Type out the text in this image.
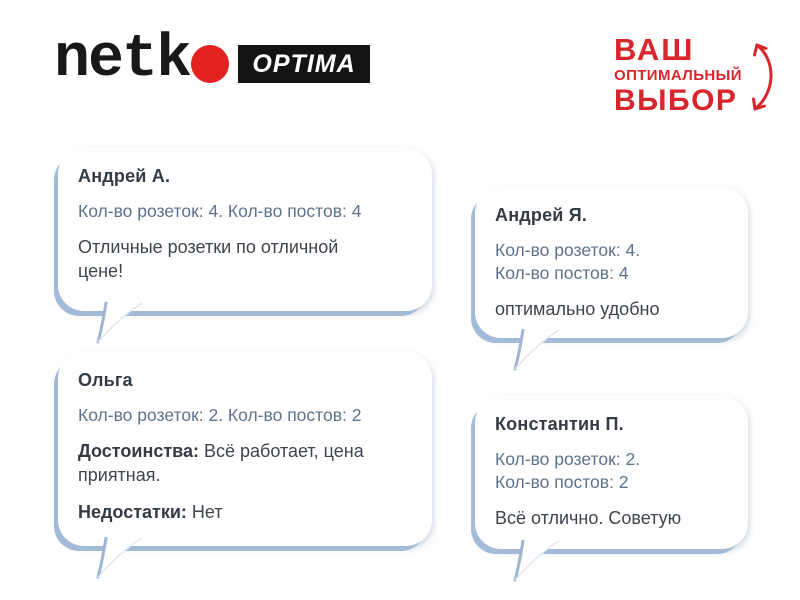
netk	OPTIMA	ВАШ
ОПТИМАЛЬНЫЙ
ВЫБОР
Андрей А.
Кол-во розеток: 4. Кол-во постов: 4

Отличные розетки по отличной
цене!

Андрей Я.
Кол-во розеток: 4.
Кол-во постов: 4

оптимально удобно

Ольга
Кол-во розеток: 2. Кол-во постов: 2

Достоинства: Всё работает, цена
приятная.

Недостатки: Нет

Константин П.
Кол-во розеток: 2.
Кол-во постов: 2

Всё отлично. Советую
